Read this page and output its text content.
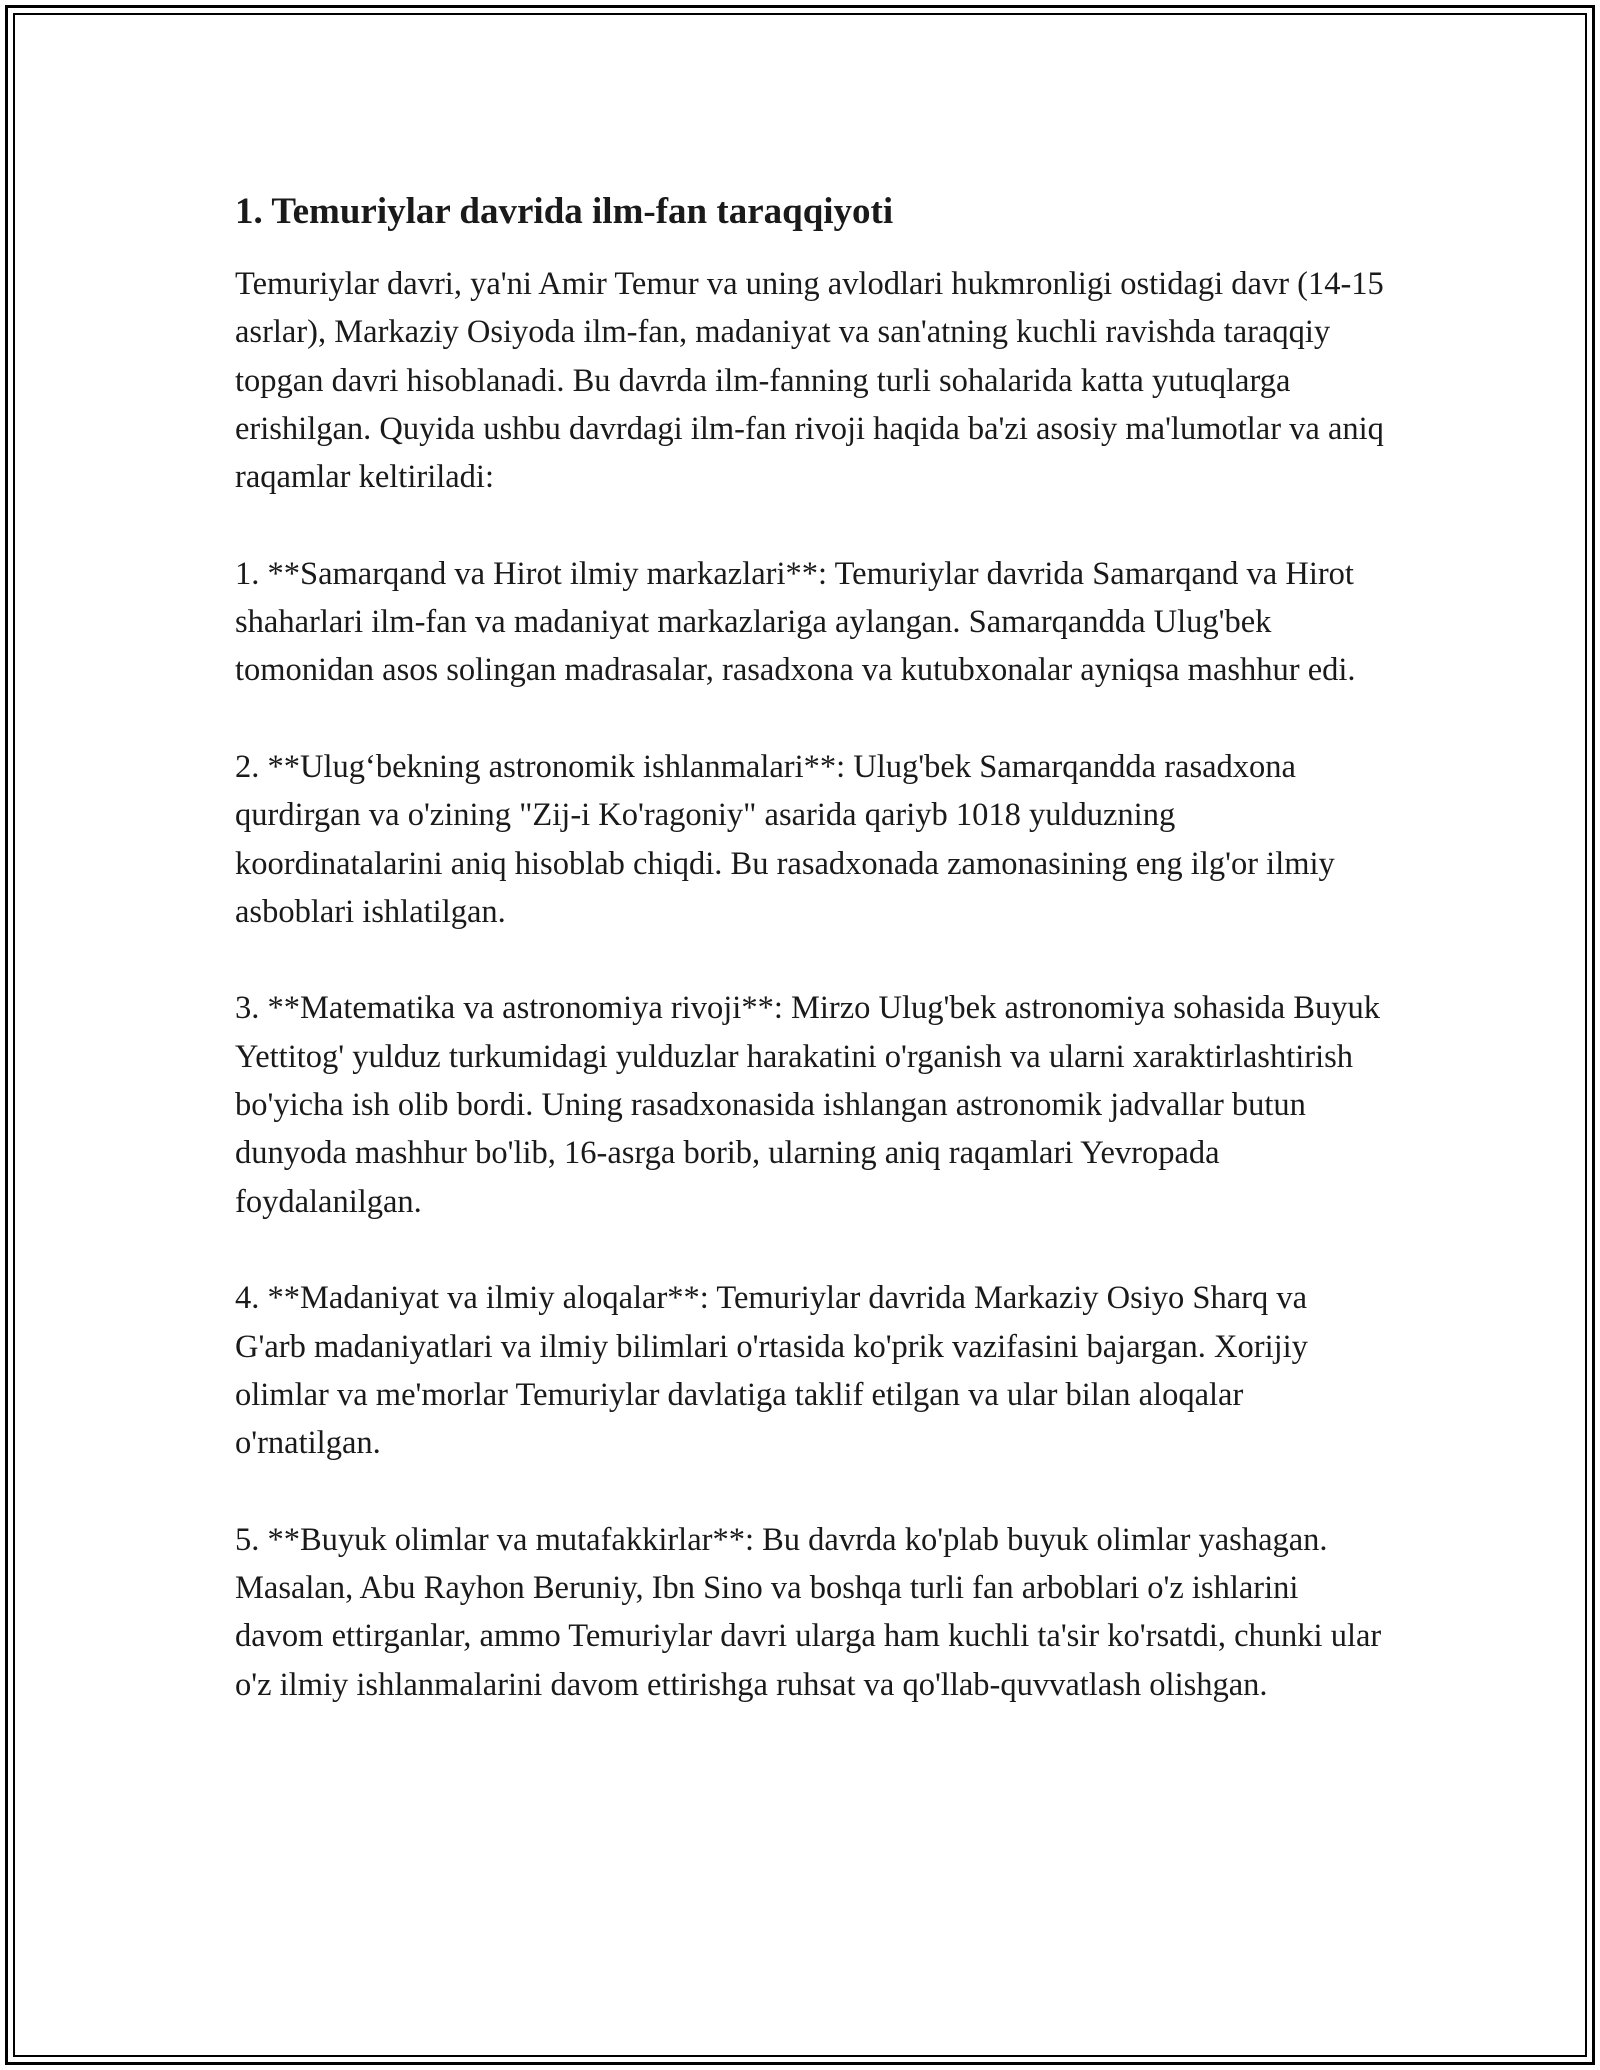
1. Temuriylar davrida ilm-fan taraqqiyoti

Temuriylar davri, ya'ni Amir Temur va uning avlodlari hukmronligi ostidagi davr (14-15 asrlar), Markaziy Osiyoda ilm-fan, madaniyat va san'atning kuchli ravishda taraqqiy topgan davri hisoblanadi. Bu davrda ilm-fanning turli sohalarida katta yutuqlarga erishilgan. Quyida ushbu davrdagi ilm-fan rivoji haqida ba'zi asosiy ma'lumotlar va aniq raqamlar keltiriladi:

1. **Samarqand va Hirot ilmiy markazlari**: Temuriylar davrida Samarqand va Hirot shaharlari ilm-fan va madaniyat markazlariga aylangan. Samarqandda Ulug'bek tomonidan asos solingan madrasalar, rasadxona va kutubxonalar ayniqsa mashhur edi.

2. **Ulug‘bekning astronomik ishlanmalari**: Ulug'bek Samarqandda rasadxona qurdirgan va o'zining "Zij-i Ko'ragoniy" asarida qariyb 1018 yulduzning koordinatalarini aniq hisoblab chiqdi. Bu rasadxonada zamonasining eng ilg'or ilmiy asboblari ishlatilgan.

3. **Matematika va astronomiya rivoji**: Mirzo Ulug'bek astronomiya sohasida Buyuk Yettitog' yulduz turkumidagi yulduzlar harakatini o'rganish va ularni xaraktirlashtirish bo'yicha ish olib bordi. Uning rasadxonasida ishlangan astronomik jadvallar butun dunyoda mashhur bo'lib, 16-asrga borib, ularning aniq raqamlari Yevropada foydalanilgan.

4. **Madaniyat va ilmiy aloqalar**: Temuriylar davrida Markaziy Osiyo Sharq va G'arb madaniyatlari va ilmiy bilimlari o'rtasida ko'prik vazifasini bajargan. Xorijiy olimlar va me'morlar Temuriylar davlatiga taklif etilgan va ular bilan aloqalar o'rnatilgan.

5. **Buyuk olimlar va mutafakkirlar**: Bu davrda ko'plab buyuk olimlar yashagan. Masalan, Abu Rayhon Beruniy, Ibn Sino va boshqa turli fan arboblari o'z ishlarini davom ettirganlar, ammo Temuriylar davri ularga ham kuchli ta'sir ko'rsatdi, chunki ular o'z ilmiy ishlanmalarini davom ettirishga ruhsat va qo'llab-quvvatlash olishgan.
